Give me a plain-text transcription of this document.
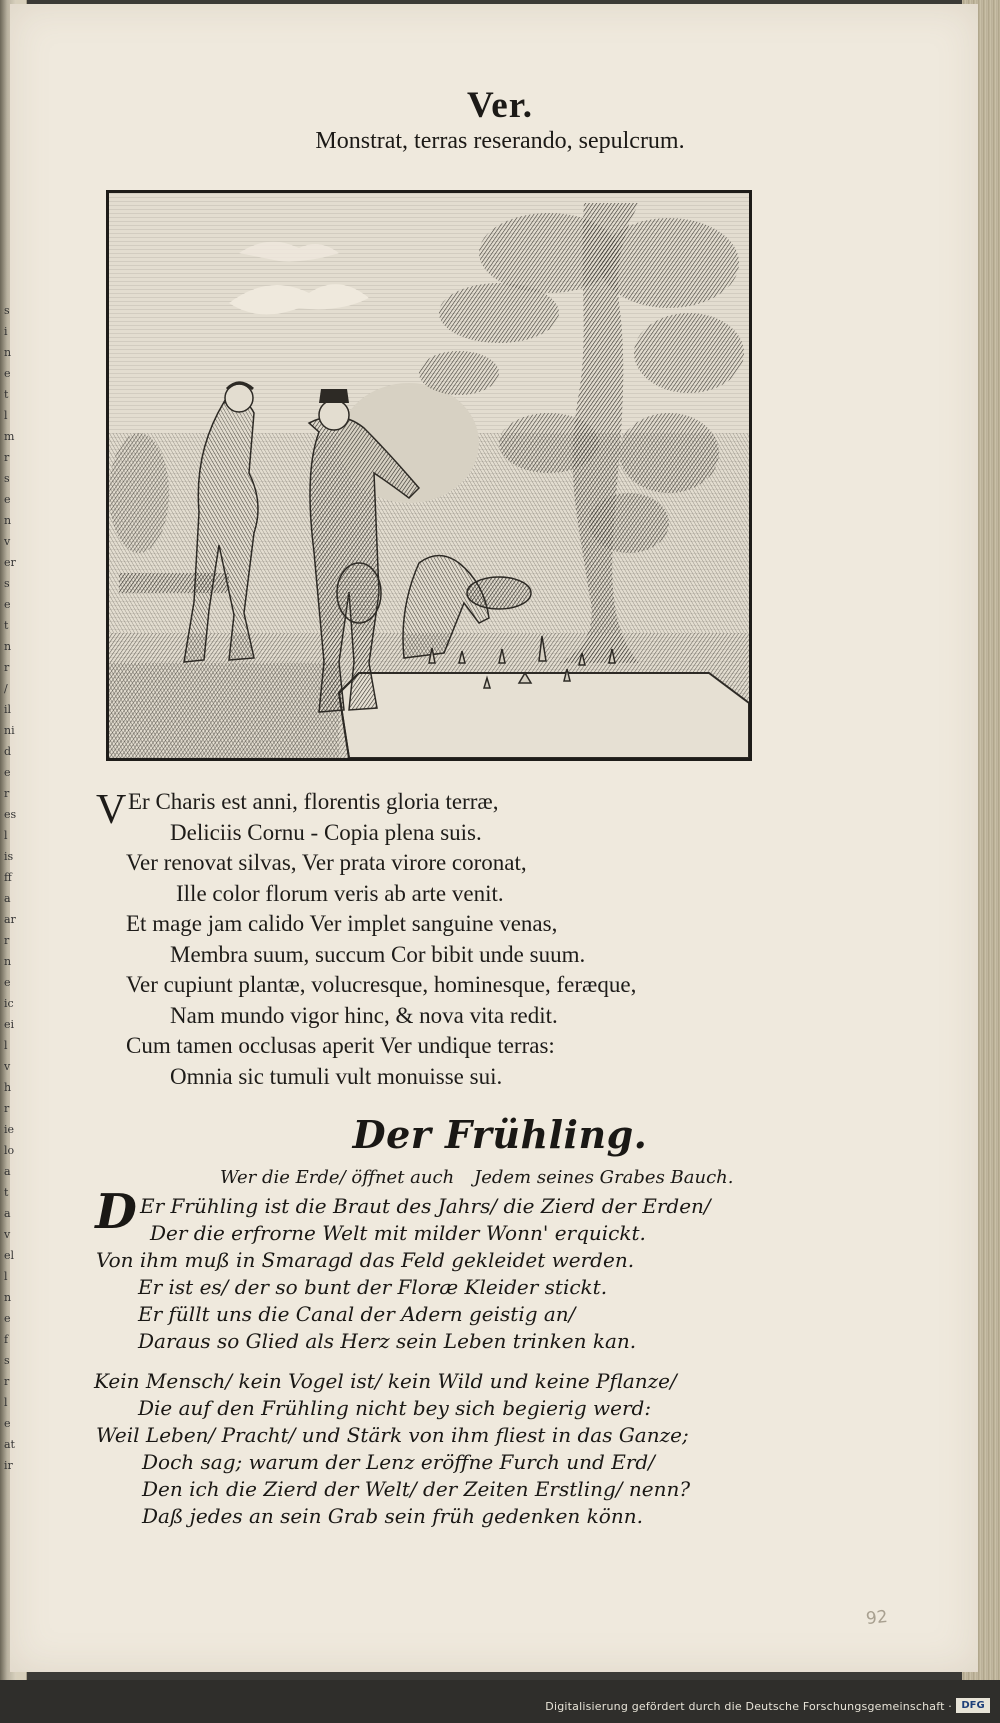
s
i
n
e
t
l
m
r
s
e
n
v
er
s
e
t
n
r
/
il
ni
d
e
r
es
l
is
ff
a
ar
r
n
e
ic
ei
l
v
h
r
ie
lo
a
t
a
v
el
l
n
e
f
s
r
l
e
at
ir
Ver.
Monstrat, terras reserando, sepulcrum.
V Er Charis est anni, florentis gloria terræ,
Deliciis Cornu - Copia plena suis.
Ver renovat silvas, Ver prata virore coronat,
Ille color florum veris ab arte venit.
Et mage jam calido Ver implet sanguine venas,
Membra suum, succum Cor bibit unde suum.
Ver cupiunt plantæ, volucresque, hominesque, feræque,
Nam mundo vigor hinc, & nova vita redit.
Cum tamen occlusas aperit Ver undique terras:
Omnia sic tumuli vult monuisse sui.
Der Frühling.
Wer die Erde/ öffnet auch Jedem seines Grabes Bauch.
D Er Frühling ist die Braut des Jahrs/ die Zierd der Erden/
Der die erfrorne Welt mit milder Wonn' erquickt.
Von ihm muß in Smaragd das Feld gekleidet werden.
Er ist es/ der so bunt der Floræ Kleider stickt.
Er füllt uns die Canal der Adern geistig an/
Daraus so Glied als Herz sein Leben trinken kan.
Kein Mensch/ kein Vogel ist/ kein Wild und keine Pflanze/
Die auf den Frühling nicht bey sich begierig werd:
Weil Leben/ Pracht/ und Stärk von ihm fliest in das Ganze;
Doch sag; warum der Lenz eröffne Furch und Erd/
Den ich die Zierd der Welt/ der Zeiten Erstling/ nenn?
Daß jedes an sein Grab sein früh gedenken könn.
92
Digitalisierung gefördert durch die Deutsche Forschungsgemeinschaft · DFG
